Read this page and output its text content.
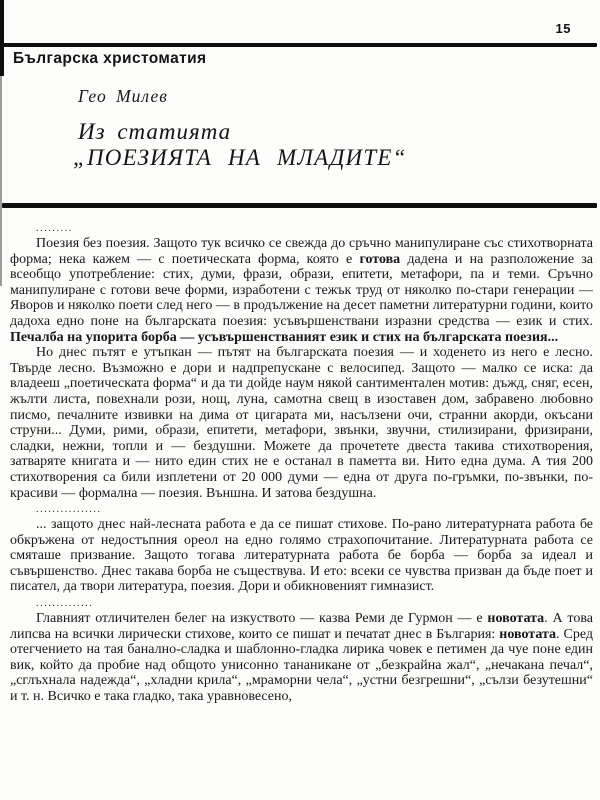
15
Българска христоматия
Гео Милев
Из статията
„ПОЕЗИЯТА НА МЛАДИТЕ“
.........

Поезия без поезия. Защото тук всичко се свежда до сръчно манипулиране със стихотворната форма; нека кажем — с поетическата форма, която е готова дадена и на разположение за всеобщо употребление: стих, думи, фрази, образи, епитети, метафори, па и теми. Сръчно манипулиране с готови вече форми, изработени с тежък труд от няколко по-стари генерации — Яворов и няколко поети след него — в продължение на десет паметни литературни години, които дадоха едно поне на българската поезия: усъвършенствани изразни средства — език и стих. Печалба на упорита борба — усъвършенстваният език и стих на българската поезия...

Но днес пътят е утъпкан — пътят на българската поезия — и ходенето из него е лесно. Твърде лесно. Възможно е дори и надпрепускане с велосипед. Защото — малко се иска: да владееш „поетическата форма“ и да ти дойде наум някой сантиментален мотив: дъжд, сняг, есен, жълти листа, повехнали рози, нощ, луна, самотна свещ в изоставен дом, забравено любовно писмо, печалните извивки на дима от цигарата ми, насълзени очи, странни акорди, окъсани струни... Думи, рими, образи, епитети, метафори, звънки, звучни, стилизирани, фризирани, сладки, нежни, топли и — бездушни. Можете да прочетете двеста такива стихотворения, затваряте книгата и — нито един стих не е останал в паметта ви. Нито една дума. А тия 200 стихотворения са били изплетени от 20 000 думи — една от друга по-гръмки, по-звънки, по-красиви — формална — поезия. Външна. И затова бездушна.

................

... защото днес най-лесната работа е да се пишат стихове. По-рано литературната работа бе обкръжена от недостъпния ореол на едно голямо страхопочитание. Литературната работа се смяташе призвание. Защото тогава литературната работа бе борба — борба за идеал и съвършенство. Днес такава борба не съществува. И ето: всеки се чувства призван да бъде поет и писател, да твори литература, поезия. Дори и обикновеният гимназист.

..............

Главният отличителен белег на изкуството — казва Реми де Гурмон — е новотата. А това липсва на всички лирически стихове, които се пишат и печатат днес в България: новотата. Сред отегчението на тая банално-сладка и шаблонно-гладка лирика човек е петимен да чуе поне един вик, който да пробие над общото унисонно тананикане от „безкрайна жал“, „нечакана печал“, „сглъхнала надежда“, „хладни крила“, „мраморни чела“, „устни безгрешни“, „сълзи безутешни“ и т. н. Всичко е така гладко, така уравновесено,
